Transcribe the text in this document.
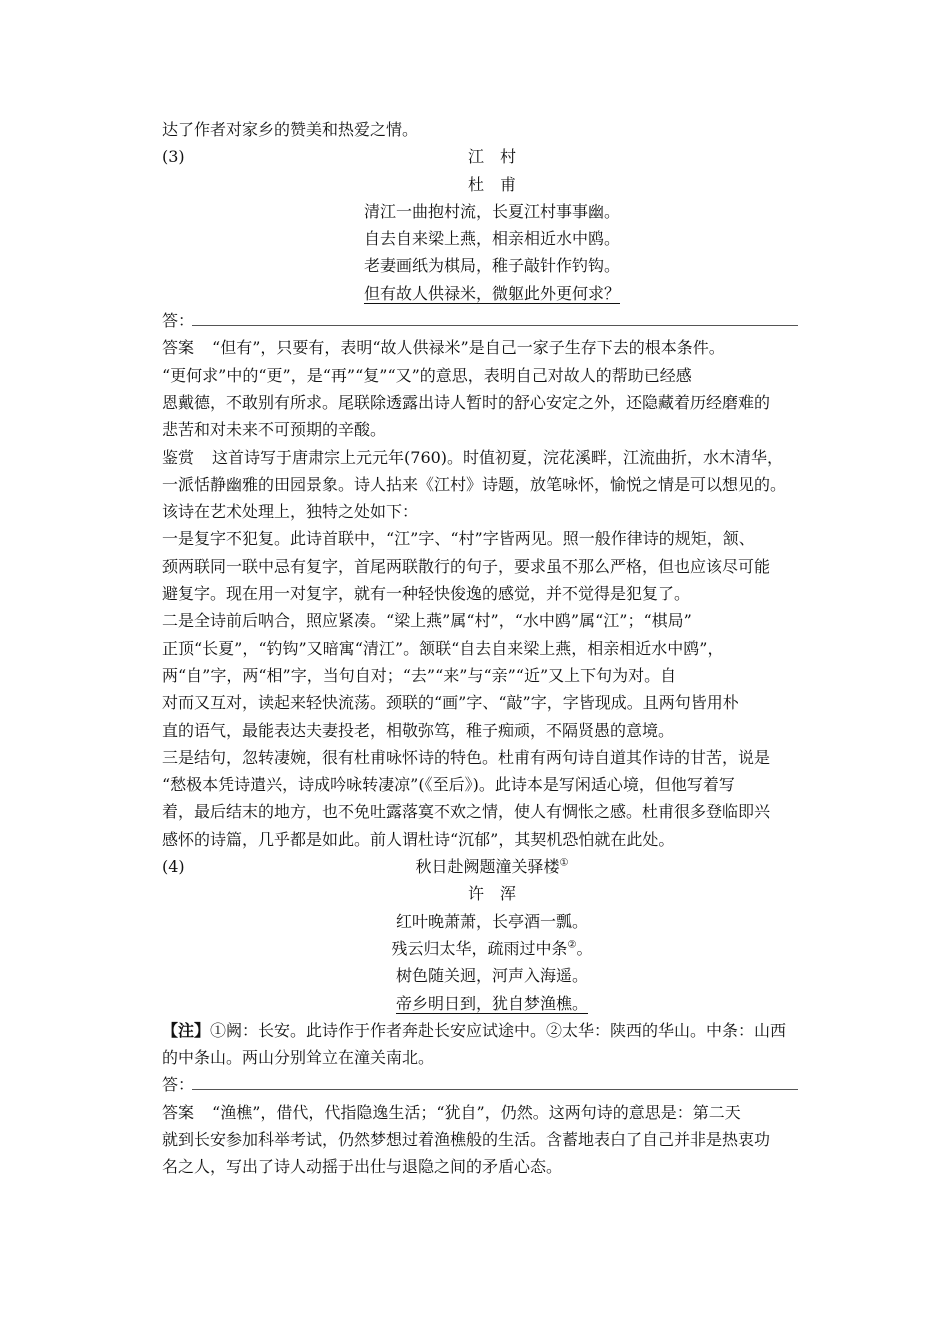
达了作者对家乡的赞美和热爱之情。
(3)	江　村
杜　甫
清江一曲抱村流，长夏江村事事幽。
自去自来梁上燕，相亲相近水中鸥。
老妻画纸为棋局，稚子敲针作钓钩。
但有故人供禄米，微躯此外更何求？
答：
答案 “但有”，只要有，表明“故人供禄米”是自己一家子生存下去的根本条件。
“更何求”中的“更”，是“再”“复”“又”的意思，表明自己对故人的帮助已经感
恩戴德，不敢别有所求。尾联除透露出诗人暂时的舒心安定之外，还隐藏着历经磨难的
悲苦和对未来不可预期的辛酸。
鉴赏 这首诗写于唐肃宗上元元年(760)。时值初夏，浣花溪畔，江流曲折，水木清华，
一派恬静幽雅的田园景象。诗人拈来《江村》诗题，放笔咏怀，愉悦之情是可以想见的。
该诗在艺术处理上，独特之处如下：
一是复字不犯复。此诗首联中，“江”字、“村”字皆两见。照一般作律诗的规矩，颔、
颈两联同一联中忌有复字，首尾两联散行的句子，要求虽不那么严格，但也应该尽可能
避复字。现在用一对复字，就有一种轻快俊逸的感觉，并不觉得是犯复了。
二是全诗前后呐合，照应紧凑。“梁上燕”属“村”，“水中鸥”属“江”；“棋局”
正顶“长夏”，“钓钩”又暗寓“清江”。颔联“自去自来梁上燕，相亲相近水中鸥”，
两“自”字，两“相”字，当句自对；“去”“来”与“亲”“近”又上下句为对。自
对而又互对，读起来轻快流荡。颈联的“画”字、“敲”字，字皆现成。且两句皆用朴
直的语气，最能表达夫妻投老，相敬弥笃，稚子痴顽，不隔贤愚的意境。
三是结句，忽转凄婉，很有杜甫咏怀诗的特色。杜甫有两句诗自道其作诗的甘苦，说是
“愁极本凭诗遣兴，诗成吟咏转凄凉”(《至后》)。此诗本是写闲适心境，但他写着写
着，最后结末的地方，也不免吐露落寞不欢之情，使人有惆怅之感。杜甫很多登临即兴
感怀的诗篇，几乎都是如此。前人谓杜诗“沉郁”，其契机恐怕就在此处。
(4)	秋日赴阙题潼关驿楼①
许　浑
红叶晚萧萧，长亭酒一瓢。
残云归太华，疏雨过中条②。
树色随关迥，河声入海遥。
帝乡明日到，犹自梦渔樵。
【注】①阙：长安。此诗作于作者奔赴长安应试途中。②太华：陕西的华山。中条：山西
的中条山。两山分别耸立在潼关南北。
答：
答案 “渔樵”，借代，代指隐逸生活；“犹自”，仍然。这两句诗的意思是：第二天
就到长安参加科举考试，仍然梦想过着渔樵般的生活。含蓄地表白了自己并非是热衷功
名之人，写出了诗人动摇于出仕与退隐之间的矛盾心态。
